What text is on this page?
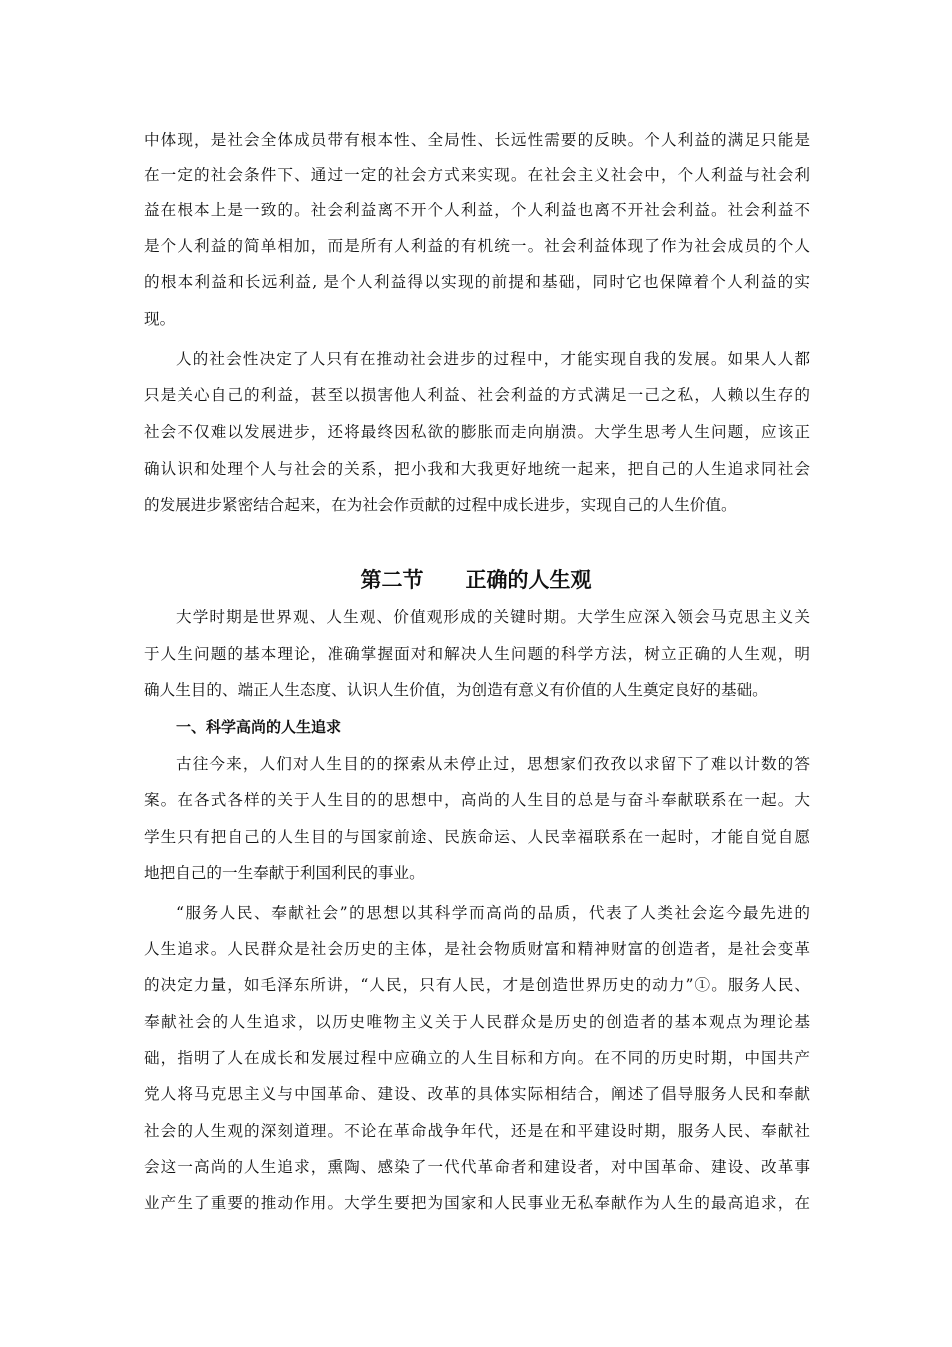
中体现，是社会全体成员带有根本性、全局性、长远性需要的反映。个人利益的满足只能是
在一定的社会条件下、通过一定的社会方式来实现。在社会主义社会中，个人利益与社会利
益在根本上是一致的。社会利益离不开个人利益，个人利益也离不开社会利益。社会利益不
是个人利益的简单相加，而是所有人利益的有机统一。社会利益体现了作为社会成员的个人
的根本利益和长远利益, 是个人利益得以实现的前提和基础，同时它也保障着个人利益的实
现。
人的社会性决定了人只有在推动社会进步的过程中，才能实现自我的发展。如果人人都
只是关心自己的利益，甚至以损害他人利益、社会利益的方式满足一己之私，人赖以生存的
社会不仅难以发展进步，还将最终因私欲的膨胀而走向崩溃。大学生思考人生问题，应该正
确认识和处理个人与社会的关系，把小我和大我更好地统一起来，把自己的人生追求同社会
的发展进步紧密结合起来，在为社会作贡献的过程中成长进步，实现自己的人生价值。
第二节　　正确的人生观
大学时期是世界观、人生观、价值观形成的关键时期。大学生应深入领会马克思主义关
于人生问题的基本理论，准确掌握面对和解决人生问题的科学方法，树立正确的人生观，明
确人生目的、端正人生态度、认识人生价值，为创造有意义有价值的人生奠定良好的基础。
一、科学高尚的人生追求
古往今来，人们对人生目的的探索从未停止过，思想家们孜孜以求留下了难以计数的答
案。在各式各样的关于人生目的的思想中，高尚的人生目的总是与奋斗奉献联系在一起。大
学生只有把自己的人生目的与国家前途、民族命运、人民幸福联系在一起时，才能自觉自愿
地把自己的一生奉献于利国利民的事业。
“服务人民、奉献社会”的思想以其科学而高尚的品质，代表了人类社会迄今最先进的
人生追求。人民群众是社会历史的主体，是社会物质财富和精神财富的创造者，是社会变革
的决定力量，如毛泽东所讲，“人民，只有人民，才是创造世界历史的动力”①。服务人民、
奉献社会的人生追求，以历史唯物主义关于人民群众是历史的创造者的基本观点为理论基
础，指明了人在成长和发展过程中应确立的人生目标和方向。在不同的历史时期，中国共产
党人将马克思主义与中国革命、建设、改革的具体实际相结合，阐述了倡导服务人民和奉献
社会的人生观的深刻道理。不论在革命战争年代，还是在和平建设时期，服务人民、奉献社
会这一高尚的人生追求，熏陶、感染了一代代革命者和建设者，对中国革命、建设、改革事
业产生了重要的推动作用。大学生要把为国家和人民事业无私奉献作为人生的最高追求，在
